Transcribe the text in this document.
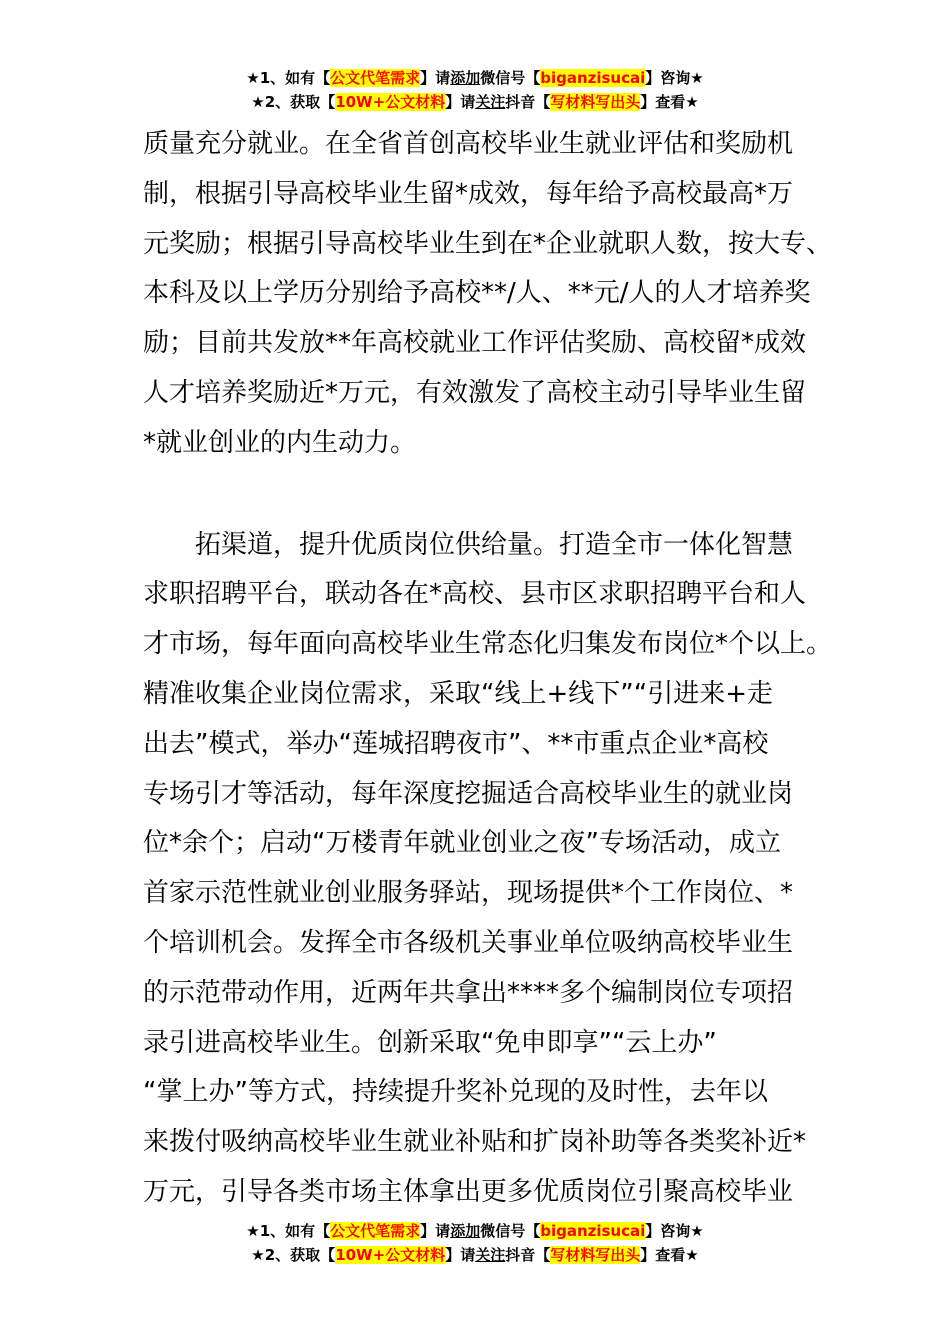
★1、如有【公文代笔需求】请添加微信号【biganzisucai】咨询★
★2、获取【10W+公文材料】请关注抖音【写材料写出头】查看★
质量充分就业。在全省首创高校毕业生就业评估和奖励机
制，根据引导高校毕业生留*成效，每年给予高校最高*万
元奖励；根据引导高校毕业生到在*企业就职人数，按大专、
本科及以上学历分别给予高校**/人、**元/人的人才培养奖
励；目前共发放**年高校就业工作评估奖励、高校留*成效
人才培养奖励近*万元，有效激发了高校主动引导毕业生留
*就业创业的内生动力。
　　拓渠道，提升优质岗位供给量。打造全市一体化智慧
求职招聘平台，联动各在*高校、县市区求职招聘平台和人
才市场，每年面向高校毕业生常态化归集发布岗位*个以上。
精准收集企业岗位需求，采取“线上+线下”“引进来+走
出去”模式，举办“莲城招聘夜市”、**市重点企业*高校
专场引才等活动，每年深度挖掘适合高校毕业生的就业岗
位*余个；启动“万楼青年就业创业之夜”专场活动，成立
首家示范性就业创业服务驿站，现场提供*个工作岗位、*
个培训机会。发挥全市各级机关事业单位吸纳高校毕业生
的示范带动作用，近两年共拿出****多个编制岗位专项招
录引进高校毕业生。创新采取“免申即享”“云上办”
“掌上办”等方式，持续提升奖补兑现的及时性，去年以
来拨付吸纳高校毕业生就业补贴和扩岗补助等各类奖补近*
万元，引导各类市场主体拿出更多优质岗位引聚高校毕业
★1、如有【公文代笔需求】请添加微信号【biganzisucai】咨询★
★2、获取【10W+公文材料】请关注抖音【写材料写出头】查看★
